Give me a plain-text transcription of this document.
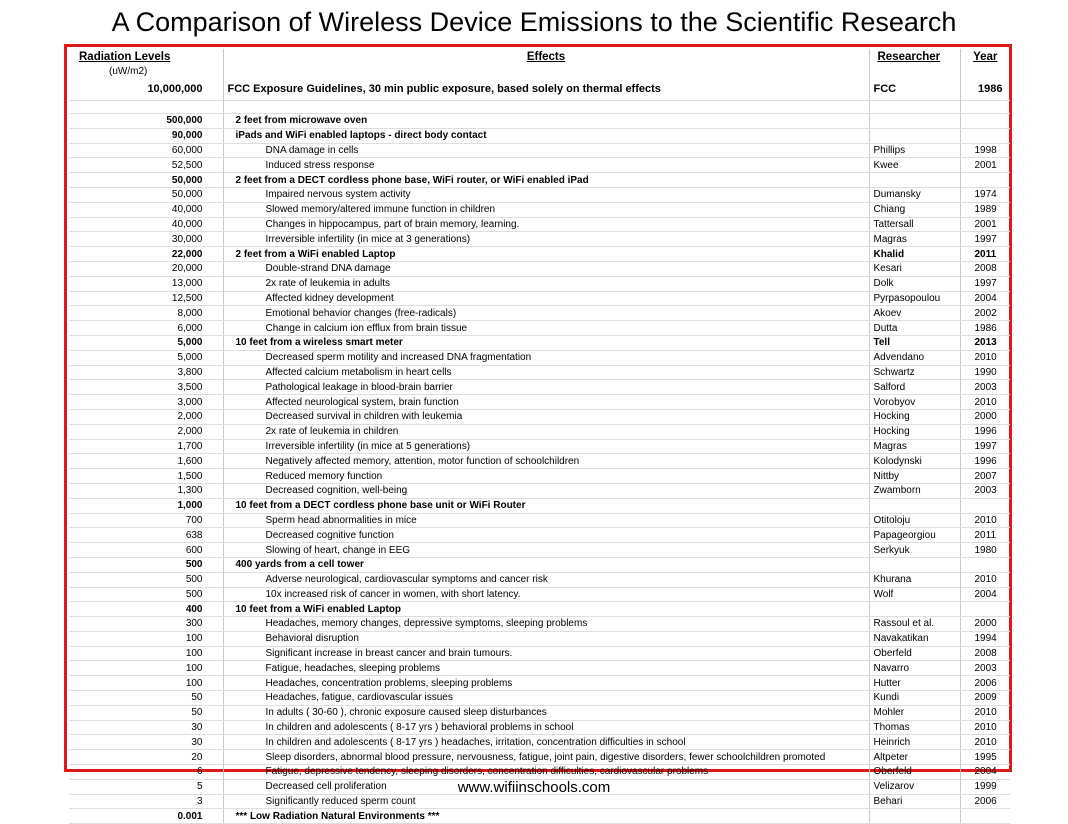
A Comparison of Wireless Device Emissions to the Scientific Research
Radiation Levels	Effects	Researcher	Year
(uW/m2)			
10,000,000	FCC Exposure Guidelines, 30 min public exposure, based solely on thermal effects	FCC	1986

500,000	2 feet from microwave oven		
90,000	iPads and WiFi enabled laptops - direct body contact		
60,000	DNA damage in cells	Phillips	1998
52,500	Induced stress response	Kwee	2001
50,000	2 feet from a DECT cordless phone base, WiFi router, or WiFi enabled iPad		
50,000	Impaired nervous system activity	Dumansky	1974
40,000	Slowed memory/altered immune function in children	Chiang	1989
40,000	Changes in hippocampus, part of brain memory, learning.	Tattersall	2001
30,000	Irreversible infertility (in mice at 3 generations)	Magras	1997
22,000	2 feet from a WiFi enabled Laptop	Khalid	2011
20,000	Double-strand DNA damage	Kesari	2008
13,000	2x rate of leukemia in adults	Dolk	1997
12,500	Affected kidney development	Pyrpasopoulou	2004
8,000	Emotional behavior changes (free-radicals)	Akoev	2002
6,000	Change in calcium ion efflux from brain tissue	Dutta	1986
5,000	10 feet from a wireless smart meter	Tell	2013
5,000	Decreased sperm motility and increased DNA fragmentation	Advendano	2010
3,800	Affected calcium metabolism in heart cells	Schwartz	1990
3,500	Pathological leakage in blood-brain barrier	Salford	2003
3,000	Affected neurological system, brain function	Vorobyov	2010
2,000	Decreased survival in children with leukemia	Hocking	2000
2,000	2x rate of leukemia in children	Hocking	1996
1,700	Irreversible infertility (in mice at 5 generations)	Magras	1997
1,600	Negatively affected memory, attention, motor function of schoolchildren	Kolodynski	1996
1,500	Reduced memory function	Nittby	2007
1,300	Decreased cognition, well-being	Zwamborn	2003
1,000	10 feet from a DECT cordless phone base unit or WiFi Router		
700	Sperm head abnormalities in mice	Otitoloju	2010
638	Decreased cognitive function	Papageorgiou	2011
600	Slowing of heart, change in EEG	Serkyuk	1980
500	400 yards from a cell tower		
500	Adverse neurological, cardiovascular symptoms and cancer risk	Khurana	2010
500	10x increased risk of cancer in women, with short latency.	Wolf	2004
400	10 feet from a WiFi enabled Laptop		
300	Headaches, memory changes, depressive symptoms, sleeping problems	Rassoul et al.	2000
100	Behavioral disruption	Navakatikan	1994
100	Significant increase in breast cancer and brain tumours.	Oberfeld	2008
100	Fatigue, headaches, sleeping problems	Navarro	2003
100	Headaches, concentration problems, sleeping problems	Hutter	2006
50	Headaches, fatigue, cardiovascular issues	Kundi	2009
50	In adults ( 30-60 ), chronic exposure caused sleep disturbances	Mohler	2010
30	In children and adolescents ( 8-17 yrs ) behavioral problems in school	Thomas	2010
30	In children and adolescents ( 8-17 yrs ) headaches, irritation, concentration difficulties in school	Heinrich	2010
20	Sleep disorders, abnormal blood pressure, nervousness, fatigue, joint pain, digestive disorders, fewer schoolchildren promoted	Altpeter	1995
6	Fatigue, depressive tendency, sleeping disorders, concentration difficulties, cardiovascular problems	Oberfeld	2004
5	Decreased cell proliferation	Velizarov	1999
3	Significantly reduced sperm count	Behari	2006
0.001	*** Low Radiation Natural Environments ***		
www.wifiinschools.com
